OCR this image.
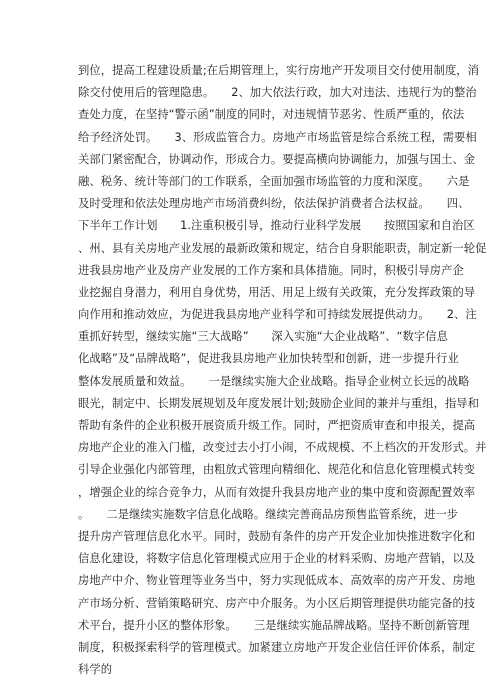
到位，提高工程建设质量;在后期管理上，实行房地产开发项目交付使用制度，消
除交付使用后的管理隐患。　　2、加大依法行政，加大对违法、违规行为的整治
查处力度，在坚持“警示函”制度的同时，对违规情节恶劣、性质严重的，依法
给予经济处罚。　　3、形成监管合力。房地产市场监管是综合系统工程，需要相
关部门紧密配合，协调动作，形成合力。要提高横向协调能力，加强与国土、金
融、税务、统计等部门的工作联系，全面加强市场监管的力度和深度。　　六是
及时受理和依法处理房地产市场消费纠纷，依法保护消费者合法权益。　　四、
下半年工作计划　　1.注重积极引导，推动行业科学发展　　按照国家和自治区
、州、县有关房地产业发展的最新政策和规定，结合自身职能职责，制定新一轮促
进我县房地产业及房产业发展的工作方案和具体措施。同时，积极引导房产企
业挖掘自身潜力，利用自身优势，用活、用足上级有关政策，充分发挥政策的导
向作用和推动效应，为促进我县房地产业科学和可持续发展提供动力。　　2、注
重抓好转型，继续实施“三大战略”　　深入实施“大企业战略”、“数字信息
化战略”及“品牌战略”，促进我县房地产业加快转型和创新，进一步提升行业
整体发展质量和效益。　　一是继续实施大企业战略。指导企业树立长远的战略
眼光，制定中、长期发展规划及年度发展计划;鼓励企业间的兼并与重组，指导和
帮助有条件的企业积极开展资质升级工作。同时，严把资质审查和申报关，提高
房地产企业的准入门槛，改变过去小打小闹，不成规模、不上档次的开发形式。并
引导企业强化内部管理，由粗放式管理向精细化、规范化和信息化管理模式转变
，增强企业的综合竞争力，从而有效提升我县房地产业的集中度和资源配置效率
。　　二是继续实施数字信息化战略。继续完善商品房预售监管系统，进一步
提升房产管理信息化水平。同时，鼓励有条件的房产开发企业加快推进数字化和
信息化建设，将数字信息化管理模式应用于企业的材料采购、房地产营销，以及
房地产中介、物业管理等业务当中，努力实现低成本、高效率的房产开发、房地
产市场分析、营销策略研究、房产中介服务。为小区后期管理提供功能完备的技
术平台，提升小区的整体形象。　　三是继续实施品牌战略。坚持不断创新管理
制度，积极探索科学的管理模式。加紧建立房地产开发企业信任评价体系，制定
科学的
